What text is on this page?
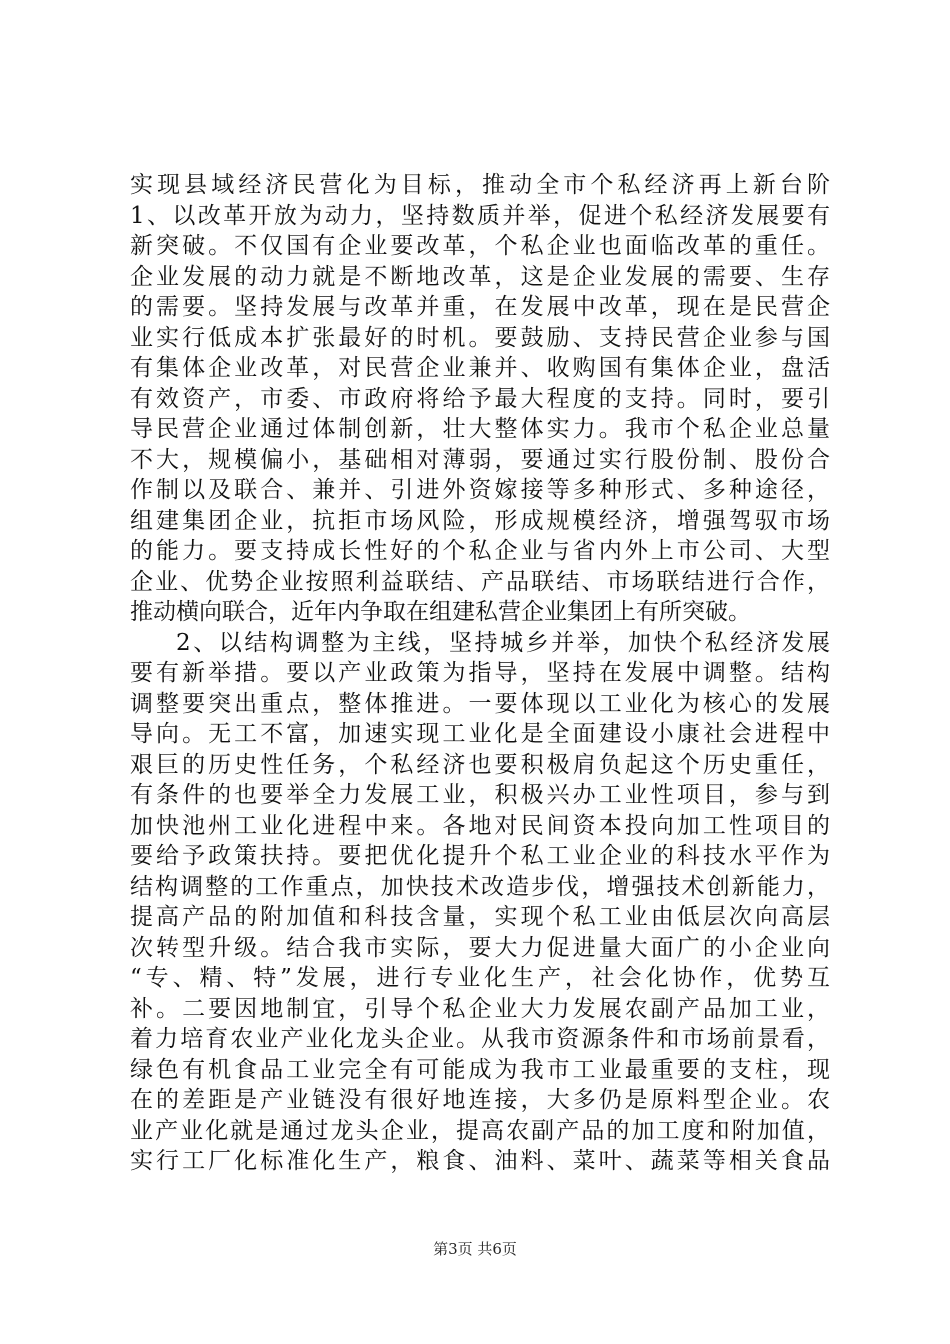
实现县域经济民营化为目标，推动全市个私经济再上新台阶
1、以改革开放为动力，坚持数质并举，促进个私经济发展要有
新突破。不仅国有企业要改革，个私企业也面临改革的重任。
企业发展的动力就是不断地改革，这是企业发展的需要、生存
的需要。坚持发展与改革并重，在发展中改革，现在是民营企
业实行低成本扩张最好的时机。要鼓励、支持民营企业参与国
有集体企业改革，对民营企业兼并、收购国有集体企业，盘活
有效资产，市委、市政府将给予最大程度的支持。同时，要引
导民营企业通过体制创新，壮大整体实力。我市个私企业总量
不大，规模偏小，基础相对薄弱，要通过实行股份制、股份合
作制以及联合、兼并、引进外资嫁接等多种形式、多种途径，
组建集团企业，抗拒市场风险，形成规模经济，增强驾驭市场
的能力。要支持成长性好的个私企业与省内外上市公司、大型
企业、优势企业按照利益联结、产品联结、市场联结进行合作，
推动横向联合，近年内争取在组建私营企业集团上有所突破。
2、以结构调整为主线，坚持城乡并举，加快个私经济发展
要有新举措。要以产业政策为指导，坚持在发展中调整。结构
调整要突出重点，整体推进。一要体现以工业化为核心的发展
导向。无工不富，加速实现工业化是全面建设小康社会进程中
艰巨的历史性任务，个私经济也要积极肩负起这个历史重任，
有条件的也要举全力发展工业，积极兴办工业性项目，参与到
加快池州工业化进程中来。各地对民间资本投向加工性项目的
要给予政策扶持。要把优化提升个私工业企业的科技水平作为
结构调整的工作重点，加快技术改造步伐，增强技术创新能力，
提高产品的附加值和科技含量，实现个私工业由低层次向高层
次转型升级。结合我市实际，要大力促进量大面广的小企业向
“专、精、特”发展，进行专业化生产，社会化协作，优势互
补。二要因地制宜，引导个私企业大力发展农副产品加工业，
着力培育农业产业化龙头企业。从我市资源条件和市场前景看，
绿色有机食品工业完全有可能成为我市工业最重要的支柱，现
在的差距是产业链没有很好地连接，大多仍是原料型企业。农
业产业化就是通过龙头企业，提高农副产品的加工度和附加值，
实行工厂化标准化生产，粮食、油料、菜叶、蔬菜等相关食品
第3页 共6页
